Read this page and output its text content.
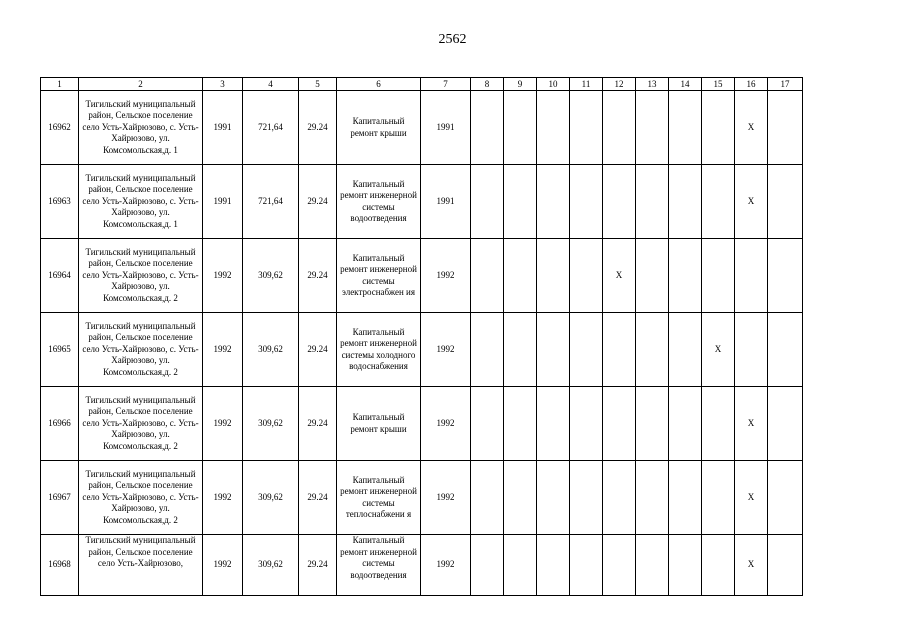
2562
1	2	3	4	5	6	7	8	9	10	11	12	13	14	15	16	17
16962	Тигильский муниципальный район, Сельское поселение село Усть-Хайрюзово, с. Усть-Хайрюзово, ул. Комсомольская,д. 1	1991	721,64	29.24	Капитальный ремонт крыши	1991									X	
16963	Тигильский муниципальный район, Сельское поселение село Усть-Хайрюзово, с. Усть-Хайрюзово, ул. Комсомольская,д. 1	1991	721,64	29.24	Капитальный ремонт инженерной системы водоотведения	1991									X	
16964	Тигильский муниципальный район, Сельское поселение село Усть-Хайрюзово, с. Усть-Хайрюзово, ул. Комсомольская,д. 2	1992	309,62	29.24	Капитальный ремонт инженерной системы электроснабжен ия	1992					X					
16965	Тигильский муниципальный район, Сельское поселение село Усть-Хайрюзово, с. Усть-Хайрюзово, ул. Комсомольская,д. 2	1992	309,62	29.24	Капитальный ремонт инженерной системы холодного водоснабжения	1992								X		
16966	Тигильский муниципальный район, Сельское поселение село Усть-Хайрюзово, с. Усть-Хайрюзово, ул. Комсомольская,д. 2	1992	309,62	29.24	Капитальный ремонт крыши	1992									X	
16967	Тигильский муниципальный район, Сельское поселение село Усть-Хайрюзово, с. Усть-Хайрюзово, ул. Комсомольская,д. 2	1992	309,62	29.24	Капитальный ремонт инженерной системы теплоснабжени я	1992									X	
16968	Тигильский муниципальный район, Сельское поселение село Усть-Хайрюзово,	1992	309,62	29.24	Капитальный ремонт инженерной системы водоотведения	1992									X	
